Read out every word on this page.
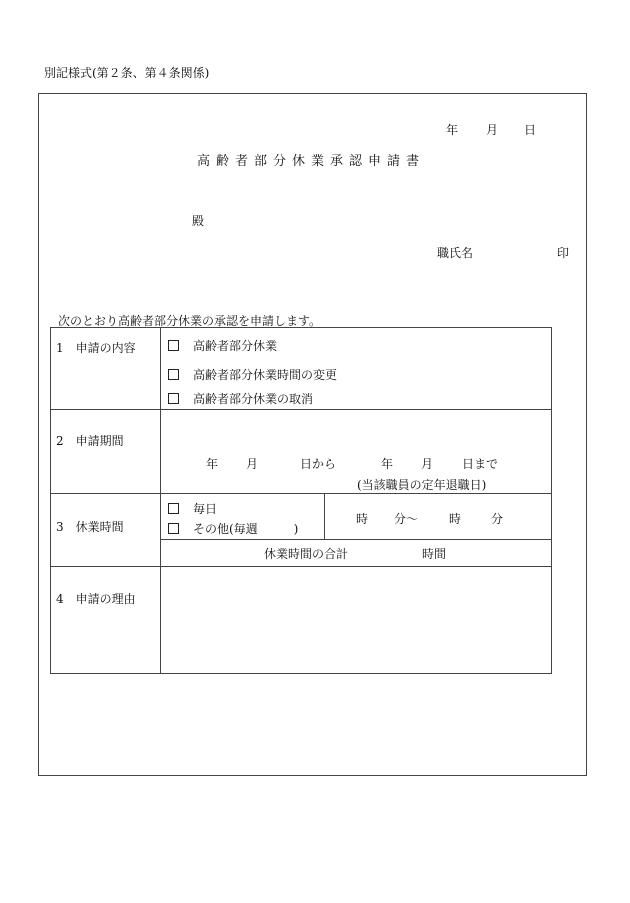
別記様式(第２条、第４条関係)
年 月 日
高齢者部分休業承認申請書
殿
職氏名	印
次のとおり高齢者部分休業の承認を申請します。
1　申請の内容	高齢者部分休業
高齢者部分休業時間の変更
高齢者部分休業の取消
2　申請期間
年 月	日から	年 月 日まで
(当該職員の定年退職日)
3　休業時間
毎日
その他(毎週　　　)
時 分～	時 分
休業時間の合計	時間
4　申請の理由
